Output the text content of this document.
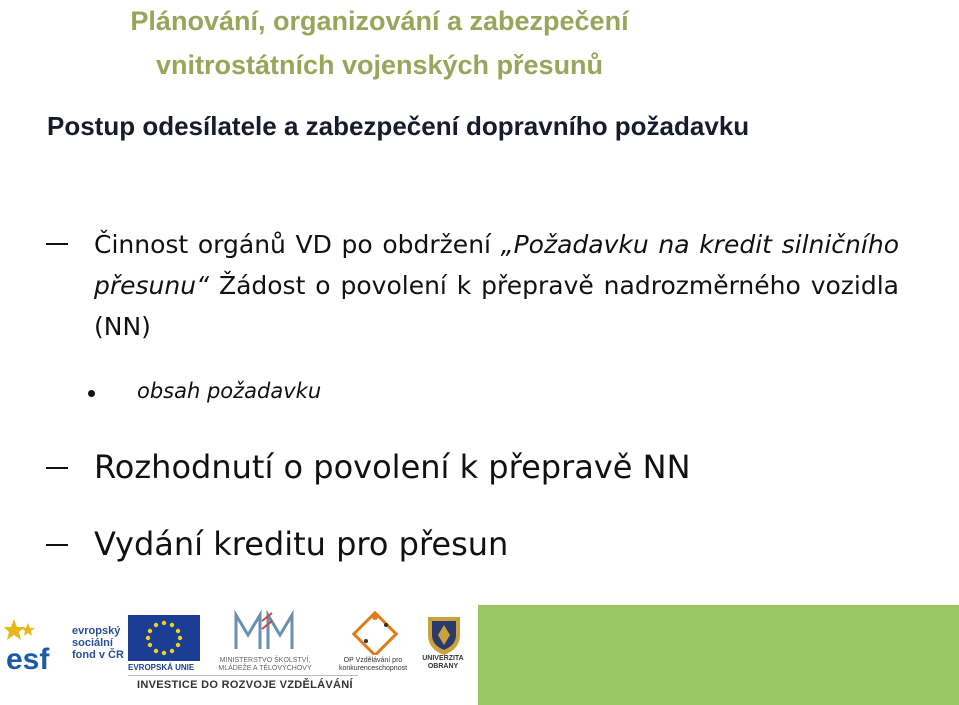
Plánování, organizování a zabezpečení
vnitrostátních vojenských přesunů
Postup odesílatele a zabezpečení dopravního požadavku
Činnost orgánů VD po obdržení „Požadavku na kredit silničního přesunu“ Žádost o povolení k přepravě nadrozměrného vozidla (NN)
obsah požadavku
Rozhodnutí o povolení k přepravě NN
Vydání kreditu pro přesun
esf
evropský sociální fond v ČR
EVROPSKÁ UNIE
MINISTERSTVO ŠKOLSTVÍ, MLÁDEŽE A TĚLOVÝCHOVY
OP Vzdělávání pro konkurenceschopnost
UNIVERZITA OBRANY
INVESTICE DO ROZVOJE VZDĚLÁVÁNÍ
